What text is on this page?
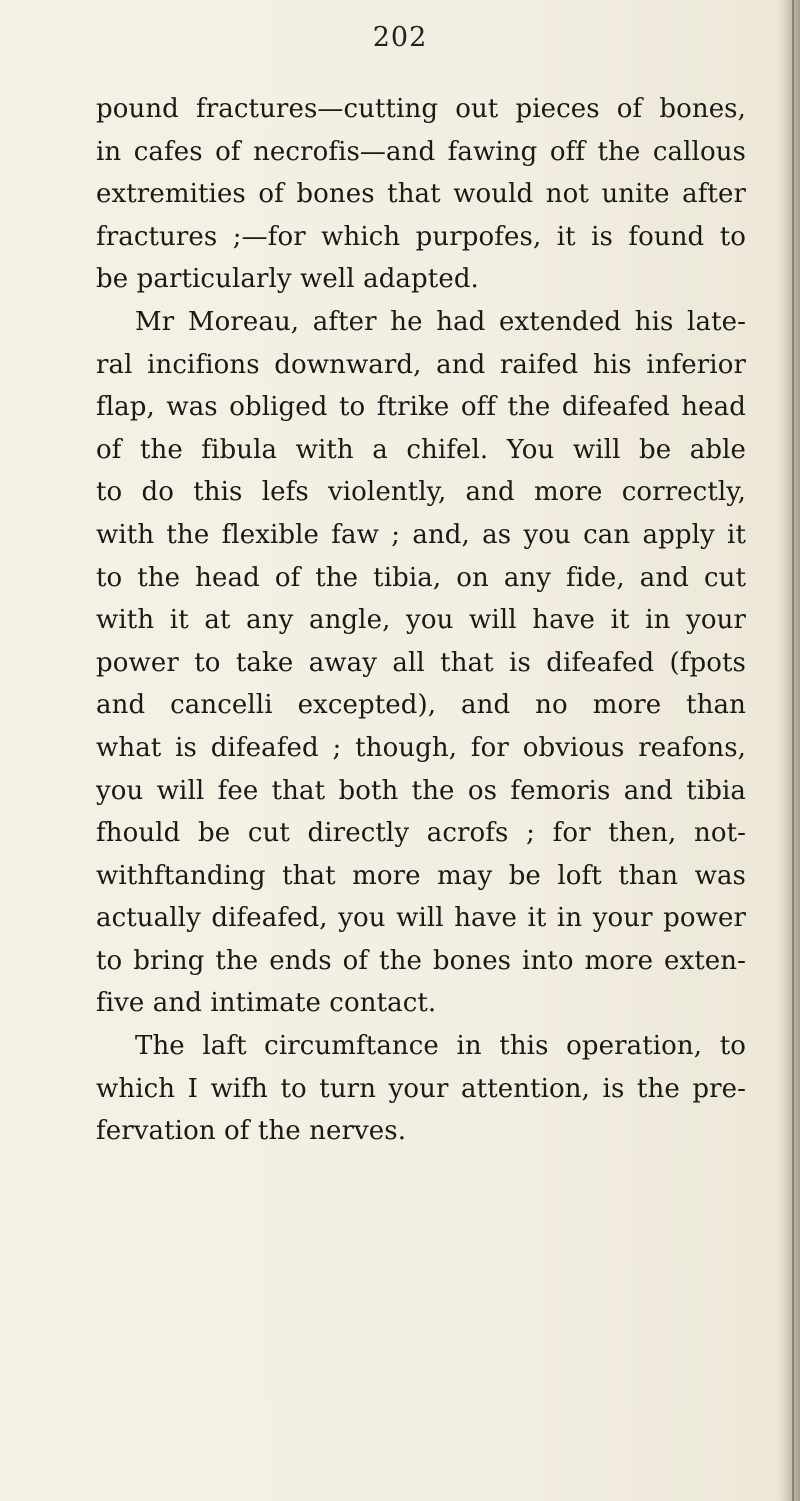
202
pound fractures—cutting out pieces of bones,
in cafes of necrofis—and fawing off the callous
extremities of bones that would not unite after
fractures ;—for which purpofes, it is found to
be particularly well adapted.
Mr Moreau, after he had extended his late-
ral incifions downward, and raifed his inferior
flap, was obliged to ftrike off the difeafed head
of the fibula with a chifel. You will be able
to do this lefs violently, and more correctly,
with the flexible faw ; and, as you can apply it
to the head of the tibia, on any fide, and cut
with it at any angle, you will have it in your
power to take away all that is difeafed (fpots
and cancelli excepted), and no more than
what is difeafed ; though, for obvious reafons,
you will fee that both the os femoris and tibia
fhould be cut directly acrofs ; for then, not-
withftanding that more may be loft than was
actually difeafed, you will have it in your power
to bring the ends of the bones into more exten-
five and intimate contact.
The laft circumftance in this operation, to
which I wifh to turn your attention, is the pre-
fervation of the nerves.
